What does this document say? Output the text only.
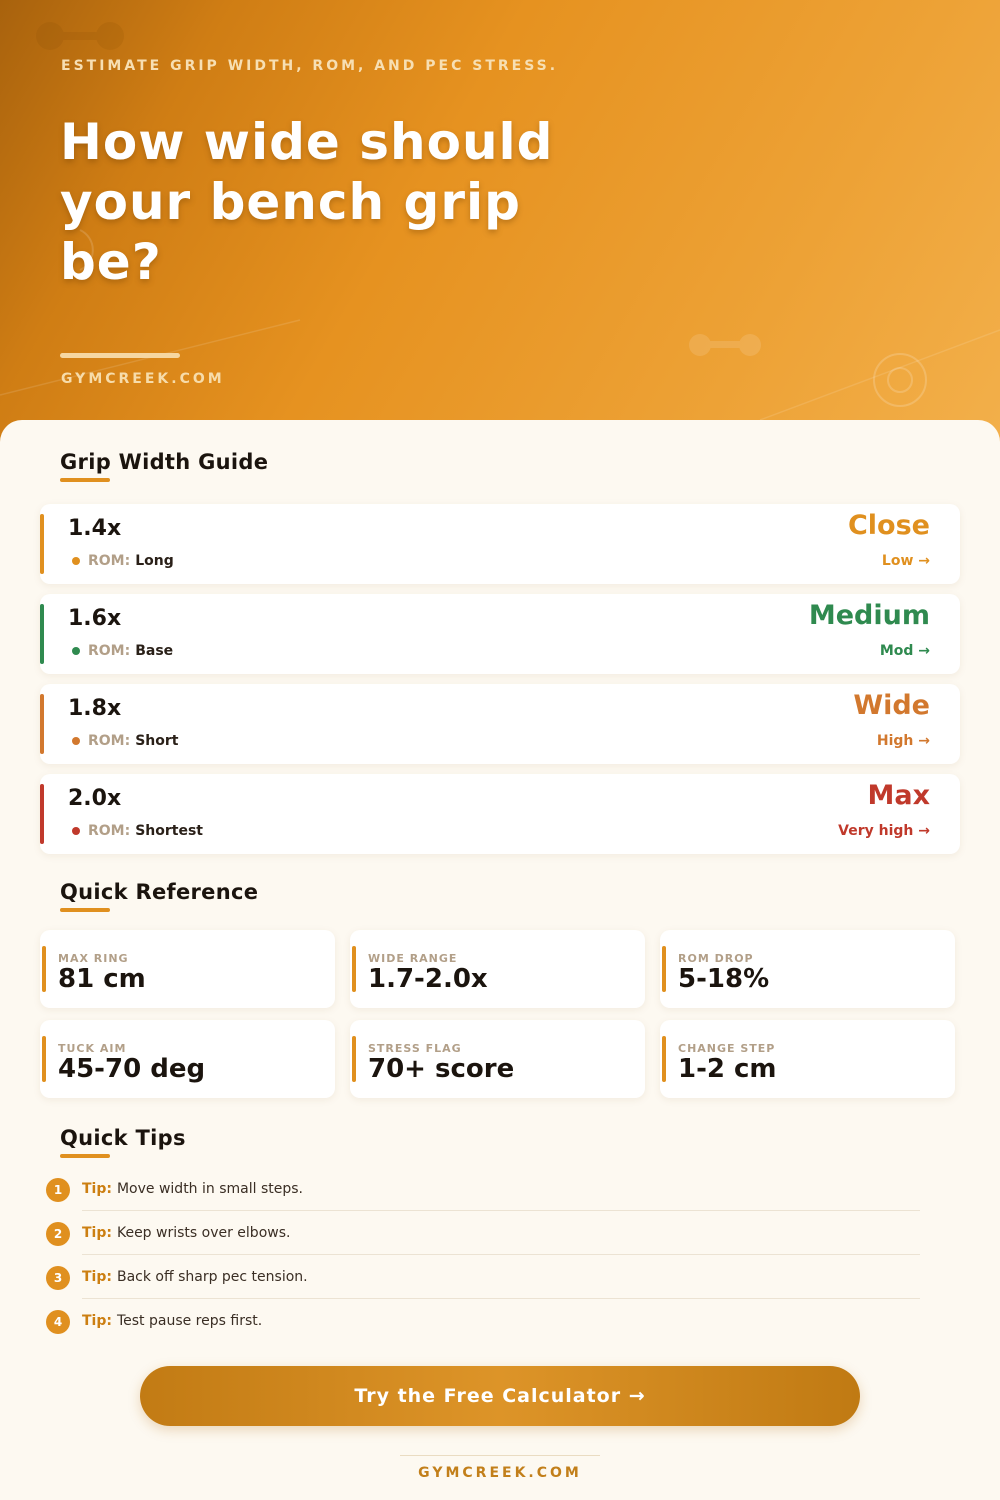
ESTIMATE GRIP WIDTH, ROM, AND PEC STRESS.

How wide should your bench grip be?
GYMCREEK.COM
Grip Width Guide
1.4x
ROM: Long
Close
Low →
1.6x
ROM: Base
Medium
Mod →
1.8x
ROM: Short
Wide
High →
2.0x
ROM: Shortest
Max
Very high →
Quick Reference
MAX RING
81 cm
WIDE RANGE
1.7-2.0x
ROM DROP
5-18%
TUCK AIM
45-70 deg
STRESS FLAG
70+ score
CHANGE STEP
1-2 cm
Quick Tips
1	Tip: Move width in small steps.
2	Tip: Keep wrists over elbows.
3	Tip: Back off sharp pec tension.
4	Tip: Test pause reps first.
Try the Free Calculator →
GYMCREEK.COM
